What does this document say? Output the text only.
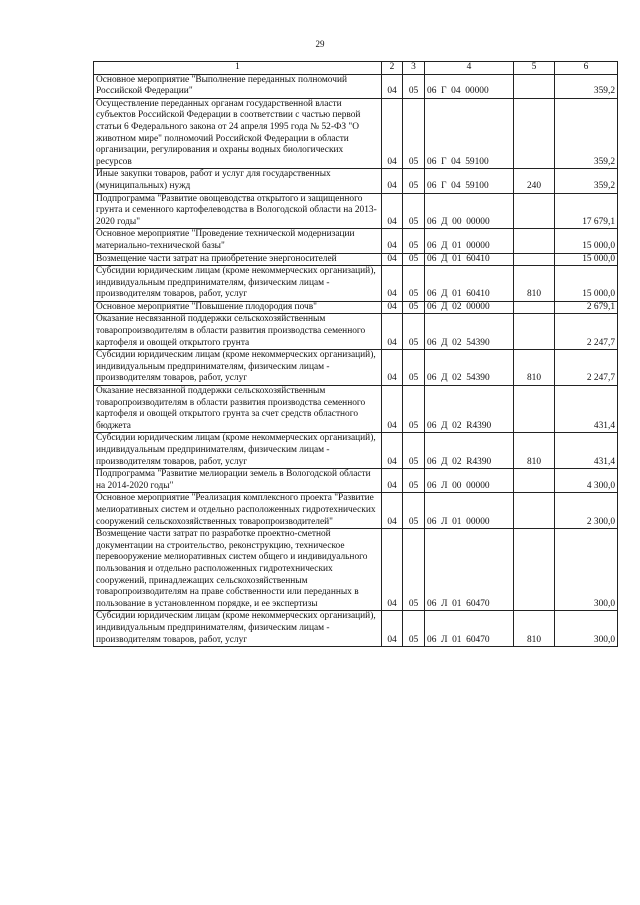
29
1	2	3	4	5	6
Основное мероприятие "Выполнение переданных полномочий Российской Федерации"	04	05	06  Г  04  00000		359,2
Осуществление переданных органам государственной власти субъектов Российской Федерации в соответствии с частью первой статьи 6 Федерального закона от 24 апреля 1995 года № 52-ФЗ "О животном мире" полномочий Российской Федерации в области организации, регулирования и охраны водных биологических ресурсов	04	05	06  Г  04  59100		359,2
Иные закупки товаров, работ и услуг для государственных (муниципальных) нужд	04	05	06  Г  04  59100	240	359,2
Подпрограмма "Развитие овощеводства открытого и защищенного грунта и семенного картофелеводства в Вологодской области на 2013-2020 годы"	04	05	06  Д  00  00000		17 679,1
Основное мероприятие "Проведение технической модернизации материально-технической базы"	04	05	06  Д  01  00000		15 000,0
Возмещение части затрат на приобретение энергоносителей	04	05	06  Д  01  60410		15 000,0
Субсидии юридическим лицам (кроме некоммерческих организаций), индивидуальным предпринимателям, физическим лицам - производителям товаров, работ, услуг	04	05	06  Д  01  60410	810	15 000,0
Основное мероприятие "Повышение плодородия почв"	04	05	06  Д  02  00000		2 679,1
Оказание несвязанной поддержки сельскохозяйственным товаропроизводителям в области развития производства семенного картофеля и овощей открытого грунта	04	05	06  Д  02  54390		2 247,7
Субсидии юридическим лицам (кроме некоммерческих организаций), индивидуальным предпринимателям, физическим лицам - производителям товаров, работ, услуг	04	05	06  Д  02  54390	810	2 247,7
Оказание несвязанной поддержки сельскохозяйственным товаропроизводителям в области развития производства семенного картофеля и овощей открытого грунта за счет средств областного бюджета	04	05	06  Д  02  R4390		431,4
Субсидии юридическим лицам (кроме некоммерческих организаций), индивидуальным предпринимателям, физическим лицам - производителям товаров, работ, услуг	04	05	06  Д  02  R4390	810	431,4
Подпрограмма "Развитие мелиорации земель в Вологодской области на 2014-2020 годы"	04	05	06  Л  00  00000		4 300,0
Основное мероприятие "Реализация комплексного проекта "Развитие мелиоративных систем и отдельно расположенных гидротехнических сооружений сельскохозяйственных товаропроизводителей"	04	05	06  Л  01  00000		2 300,0
Возмещение части затрат по разработке проектно-сметной документации на строительство, реконструкцию, техническое перевооружение мелиоративных систем общего и индивидуального пользования и отдельно расположенных гидротехнических сооружений, принадлежащих сельскохозяйственным товаропроизводителям на праве собственности или переданных в пользование в установленном порядке, и ее экспертизы	04	05	06  Л  01  60470		300,0
Субсидии юридическим лицам (кроме некоммерческих организаций), индивидуальным предпринимателям, физическим лицам - производителям товаров, работ, услуг	04	05	06  Л  01  60470	810	300,0
